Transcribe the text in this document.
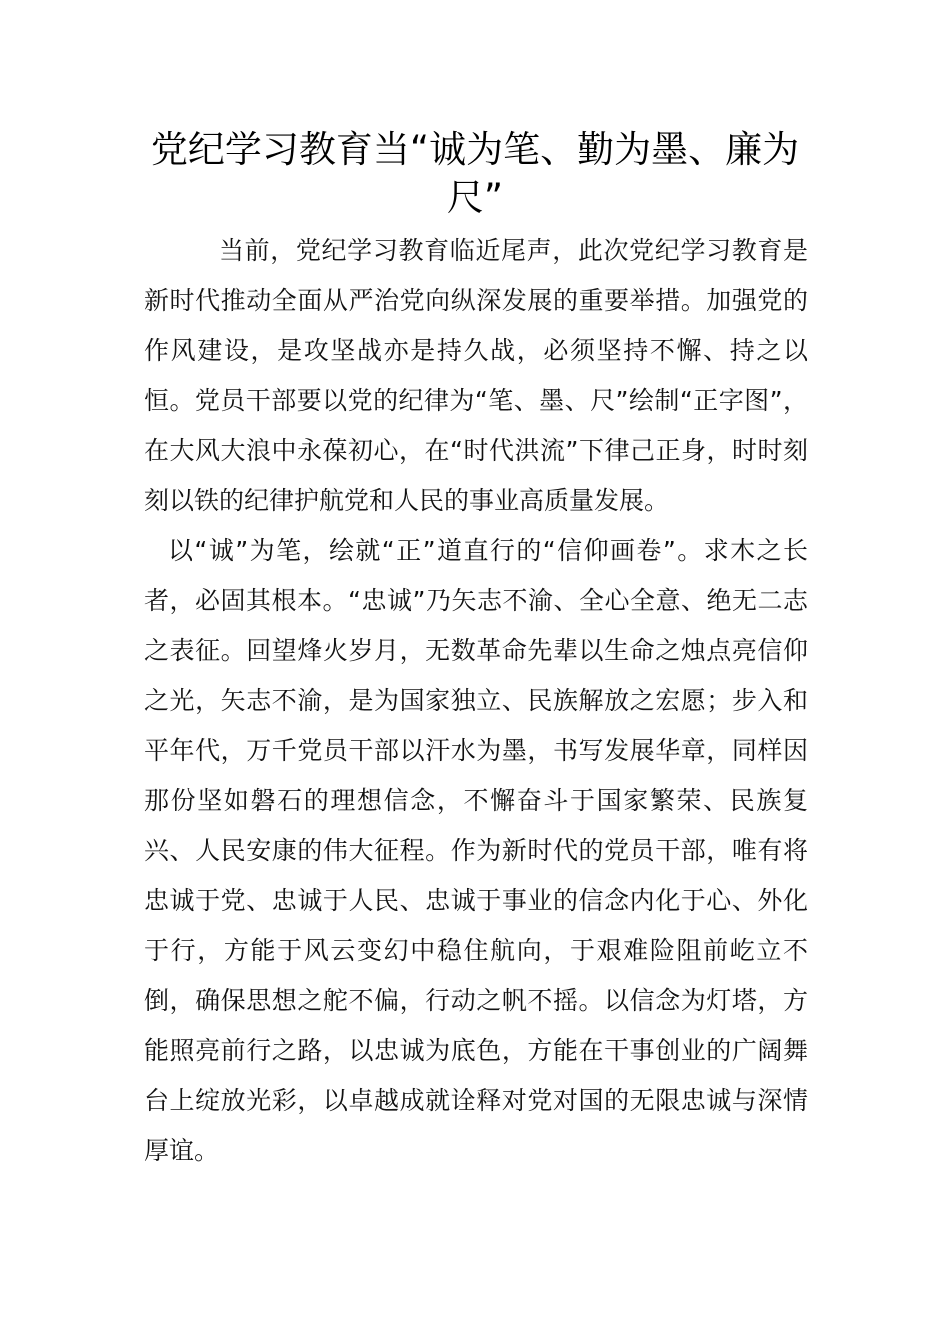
党纪学习教育当“诚为笔、勤为墨、廉为尺”

当前，党纪学习教育临近尾声，此次党纪学习教育是新时代推动全面从严治党向纵深发展的重要举措。加强党的作风建设，是攻坚战亦是持久战，必须坚持不懈、持之以恒。党员干部要以党的纪律为“笔、墨、尺”绘制“正字图”，在大风大浪中永葆初心，在“时代洪流”下律己正身，时时刻刻以铁的纪律护航党和人民的事业高质量发展。

以“诚”为笔，绘就“正”道直行的“信仰画卷”。求木之长者，必固其根本。“忠诚”乃矢志不渝、全心全意、绝无二志之表征。回望烽火岁月，无数革命先辈以生命之烛点亮信仰之光，矢志不渝，是为国家独立、民族解放之宏愿；步入和平年代，万千党员干部以汗水为墨，书写发展华章，同样因那份坚如磐石的理想信念，不懈奋斗于国家繁荣、民族复兴、人民安康的伟大征程。作为新时代的党员干部，唯有将忠诚于党、忠诚于人民、忠诚于事业的信念内化于心、外化于行，方能于风云变幻中稳住航向，于艰难险阻前屹立不倒，确保思想之舵不偏，行动之帆不摇。以信念为灯塔，方能照亮前行之路，以忠诚为底色，方能在干事创业的广阔舞台上绽放光彩，以卓越成就诠释对党对国的无限忠诚与深情厚谊。
